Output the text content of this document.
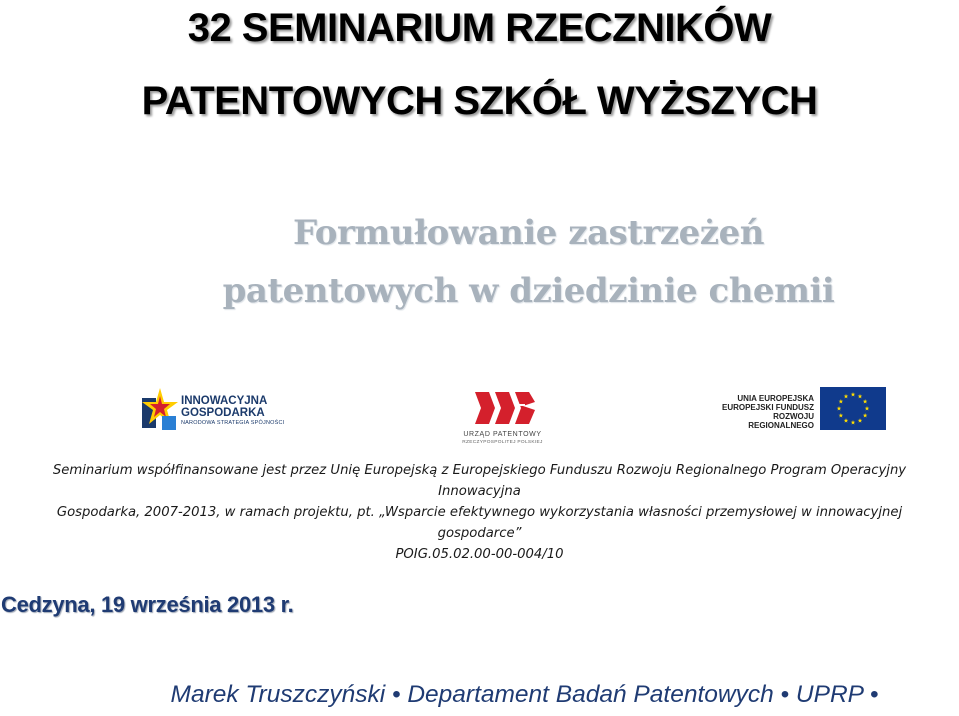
32 SEMINARIUM RZECZNIKÓW
PATENTOWYCH SZKÓŁ WYŻSZYCH
Formułowanie zastrzeżeń
patentowych w dziedzinie chemii
INNOWACYJNA
GOSPODARKA
NARODOWA STRATEGIA SPÓJNOŚCI
URZĄD PATENTOWY
RZECZYPOSPOLITEJ POLSKIEJ
UNIA EUROPEJSKA
EUROPEJSKI FUNDUSZ
ROZWOJU REGIONALNEGO
Seminarium współfinansowane jest przez Unię Europejską z Europejskiego Funduszu Rozwoju Regionalnego Program Operacyjny Innowacyjna
Gospodarka, 2007-2013, w ramach projektu, pt. „Wsparcie efektywnego wykorzystania własności przemysłowej w innowacyjnej gospodarce”
POIG.05.02.00-00-004/10
Cedzyna, 19 września 2013 r.
Marek Truszczyński • Departament Badań Patentowych • UPRP •
